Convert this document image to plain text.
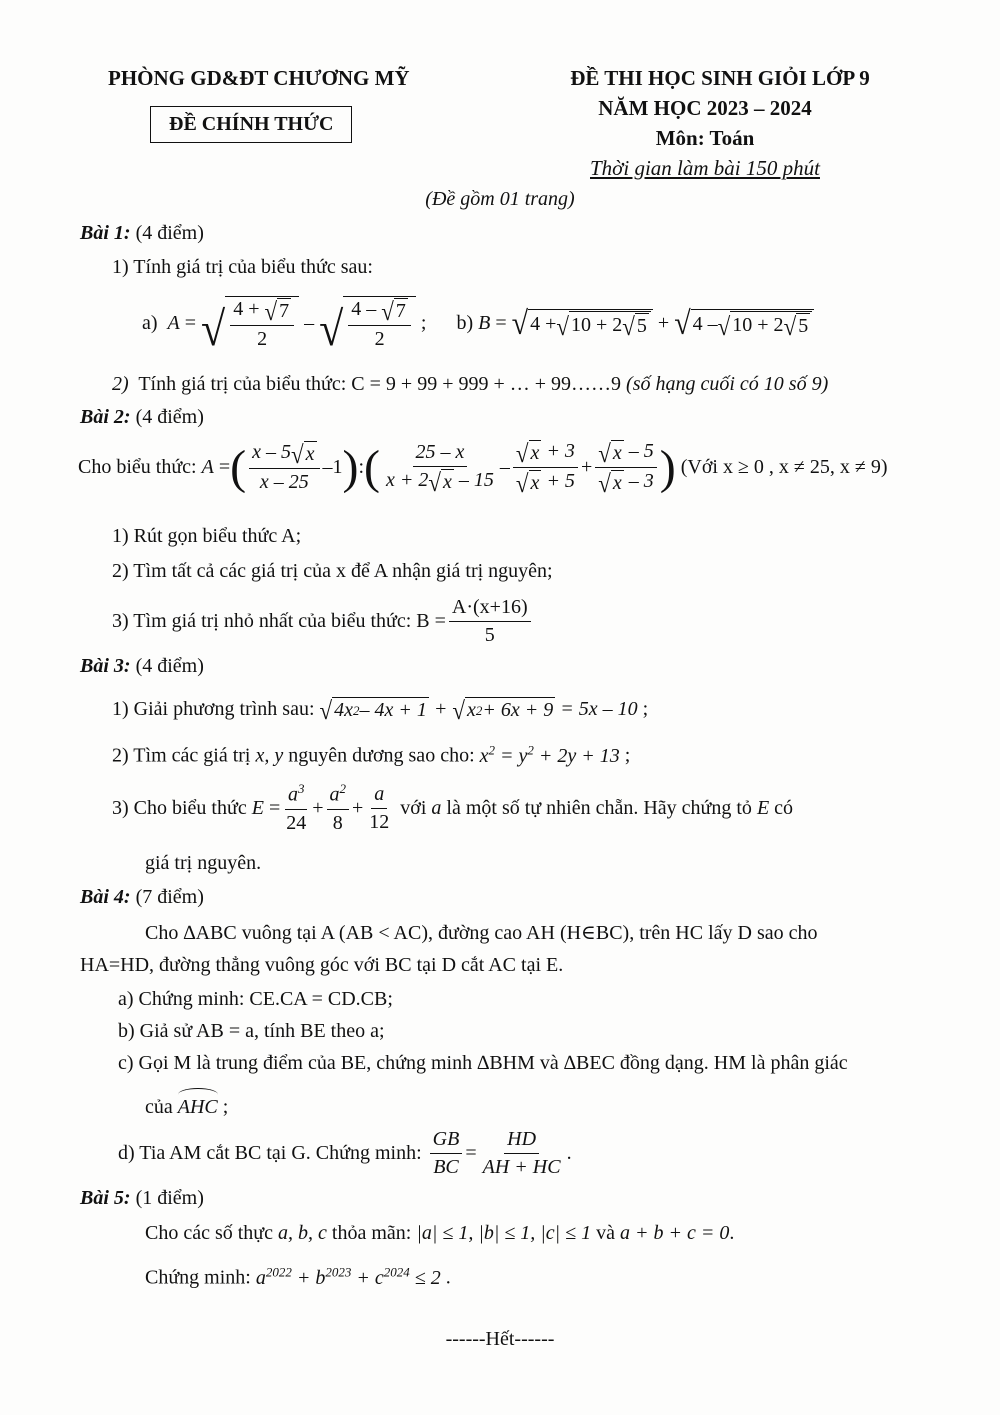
PHÒNG GD&ĐT CHƯƠNG MỸ
ĐỀ CHÍNH THỨC
ĐỀ THI HỌC SINH GIỎI LỚP 9
NĂM HỌC 2023 – 2024
Môn: Toán
Thời gian làm bài 150 phút
(Đề gồm 01 trang)
Bài 1: (4 điểm)
1) Tính giá trị của biểu thức sau:
a)
A = √ $\frac{4 + √ 7}{2}$ – √ $\frac{4 - √ 7}{2}$ ; b)
B = √ 4 + √ 10 + 2 √ 5 + √ 4 – √ 10 + 2 √ 5
2) Tính giá trị của biểu thức: C = 9 + 99 + 999 + … + 99……9 (số hạng cuối có 10 số 9)
Bài 2: (4 điểm)
Cho biểu thức:
A = ( $\frac{x - 5 √ x}{x - 25} -1$ ) : ( $\frac{25 - x}{x + 2 √ x - 15} - \frac{√ x + 3}{√ x + 5} + \frac{√ x - 5}{√ x - 3}$ )
(Với x ≥ 0 , x ≠ 25, x ≠ 9)
1) Rút gọn biểu thức A;
2) Tìm tất cả các giá trị của x để A nhận giá trị nguyên;
3) Tìm giá trị nhỏ nhất của biểu thức: $B = \frac{A\cdot(x+16)}{5}$
Bài 3: (4 điểm)
1) Giải phương trình sau:
√ 4x 2 – 4x + 1 + √ x 2 + 6x + 9 = 5x – 10 ;
2) Tìm các giá trị x, y nguyên dương sao cho: $x^2 = y^2 + 2y + 13$ ;
3) Cho biểu thức
$E = \frac{a^3}{24} + \frac{a^2}{8} + \frac{a}{12}$
với
a
là một số tự nhiên chẵn. Hãy chứng tỏ
E
có
giá trị nguyên.
Bài 4: (7 điểm)
Cho ∆ABC vuông tại A (AB < AC), đường cao AH (H∈BC), trên HC lấy D sao cho
HA=HD, đường thẳng vuông góc với BC tại D cắt AC tại E.
a) Chứng minh: CE.CA = CD.CB;
b) Giả sử AB = a, tính BE theo a;
c) Gọi M là trung điểm của BE, chứng minh ∆BHM và ∆BEC đồng dạng. HM là phân giác
của AHC ;
d) Tia AM cắt BC tại G. Chứng minh:
$\frac{GB}{BC} = \frac{HD}{AH + HC}$ .
Bài 5: (1 điểm)
Cho các số thực a, b, c thỏa mãn: |a| ≤ 1, |b| ≤ 1, |c| ≤ 1 và a + b + c = 0.
Chứng minh: $a^{2022} + b^{2023} + c^{2024} \le 2$ .
------Hết------
